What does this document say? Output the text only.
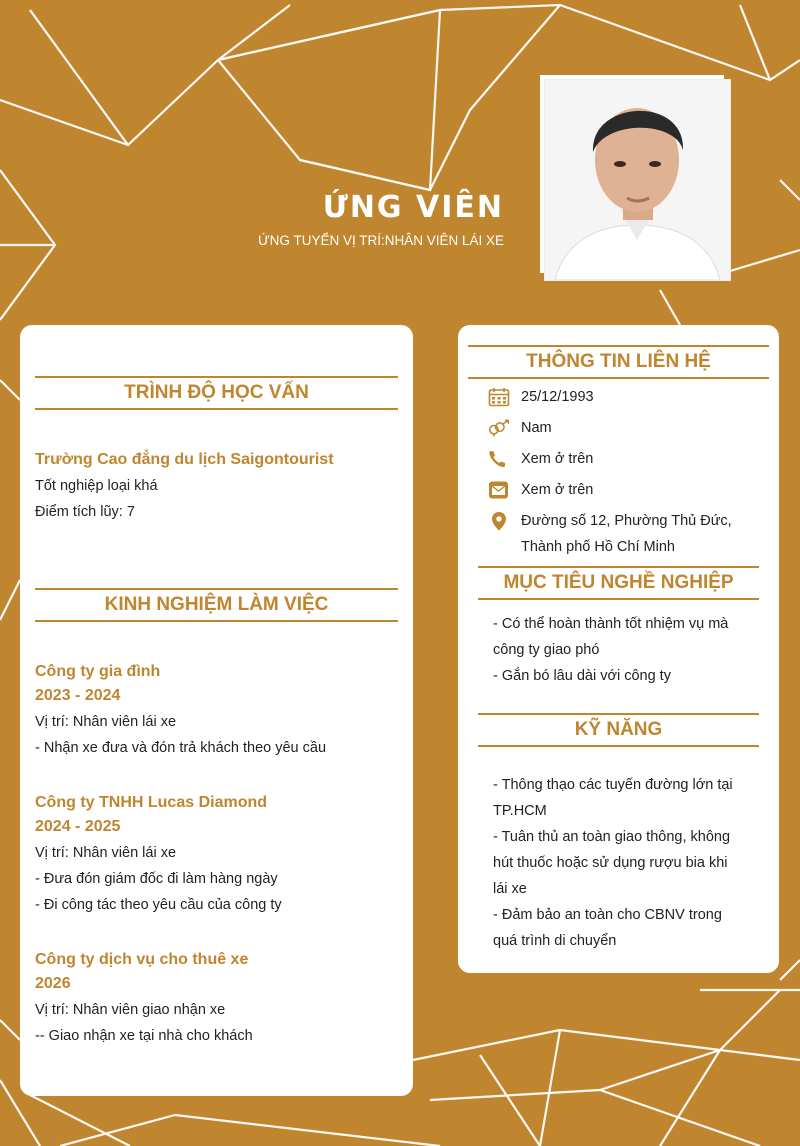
ỨNG VIÊN
ỨNG TUYỂN VỊ TRÍ:NHÂN VIÊN LÁI XE
TRÌNH ĐỘ HỌC VẤN
Trường Cao đẳng du lịch Saigontourist
Tốt nghiệp loại khá
Điểm tích lũy: 7
KINH NGHIỆM LÀM VIỆC
Công ty gia đình
2023 - 2024
Vị trí: Nhân viên lái xe
- Nhận xe đưa và đón trả khách theo yêu cầu
Công ty TNHH Lucas Diamond
2024 - 2025
Vị trí: Nhân viên lái xe
- Đưa đón giám đốc đi làm hàng ngày
- Đi công tác theo yêu cầu của công ty
Công ty dịch vụ cho thuê xe
2026
Vị trí: Nhân viên giao nhận xe
-- Giao nhận xe tại nhà cho khách
THÔNG TIN LIÊN HỆ
25/12/1993
Nam
Xem ở trên
Xem ở trên
Đường số 12, Phường Thủ Đức,
Thành phố Hồ Chí Minh
MỤC TIÊU NGHỀ NGHIỆP
- Có thể hoàn thành tốt nhiệm vụ mà
công ty giao phó
- Gắn bó lâu dài với công ty
KỸ NĂNG
- Thông thạo các tuyến đường lớn tại
TP.HCM
- Tuân thủ an toàn giao thông, không
hút thuốc hoặc sử dụng rượu bia khi
lái xe
- Đảm bảo an toàn cho CBNV trong
quá trình di chuyển
